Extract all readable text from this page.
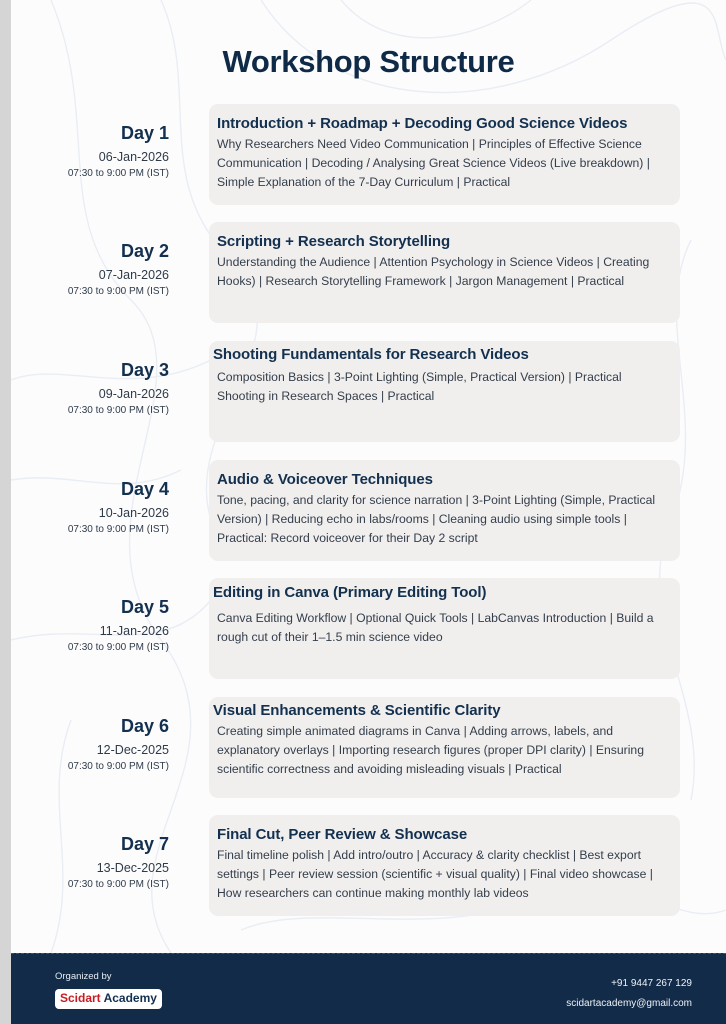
Workshop Structure
Day 1
06-Jan-2026
07:30 to 9:00 PM (IST)
Introduction + Roadmap + Decoding Good Science Videos
Why Researchers Need Video Communication | Principles of Effective Science Communication | Decoding / Analysing Great Science Videos (Live breakdown) | Simple Explanation of the 7-Day Curriculum | Practical
Day 2
07-Jan-2026
07:30 to 9:00 PM (IST)
Scripting + Research Storytelling
Understanding the Audience | Attention Psychology in Science Videos | Creating Hooks) | Research Storytelling Framework | Jargon Management | Practical
Day 3
09-Jan-2026
07:30 to 9:00 PM (IST)
Shooting Fundamentals for Research Videos
Composition Basics | 3-Point Lighting (Simple, Practical Version) | Practical Shooting in Research Spaces | Practical
Day 4
10-Jan-2026
07:30 to 9:00 PM (IST)
Audio & Voiceover Techniques
Tone, pacing, and clarity for science narration | 3-Point Lighting (Simple, Practical Version) | Reducing echo in labs/rooms | Cleaning audio using simple tools | Practical: Record voiceover for their Day 2 script
Day 5
11-Jan-2026
07:30 to 9:00 PM (IST)
Editing in Canva (Primary Editing Tool)
Canva Editing Workflow | Optional Quick Tools | LabCanvas Introduction | Build a rough cut of their 1–1.5 min science video
Day 6
12-Dec-2025
07:30 to 9:00 PM (IST)
Visual Enhancements & Scientific Clarity
Creating simple animated diagrams in Canva | Adding arrows, labels, and explanatory overlays | Importing research figures (proper DPI clarity) | Ensuring scientific correctness and avoiding misleading visuals | Practical
Day 7
13-Dec-2025
07:30 to 9:00 PM (IST)
Final Cut, Peer Review & Showcase
Final timeline polish | Add intro/outro | Accuracy & clarity checklist | Best export settings | Peer review session (scientific + visual quality) | Final video showcase | How researchers can continue making monthly lab videos
Organized by
Scidart Academy
+91 9447 267 129
scidartacademy@gmail.com
